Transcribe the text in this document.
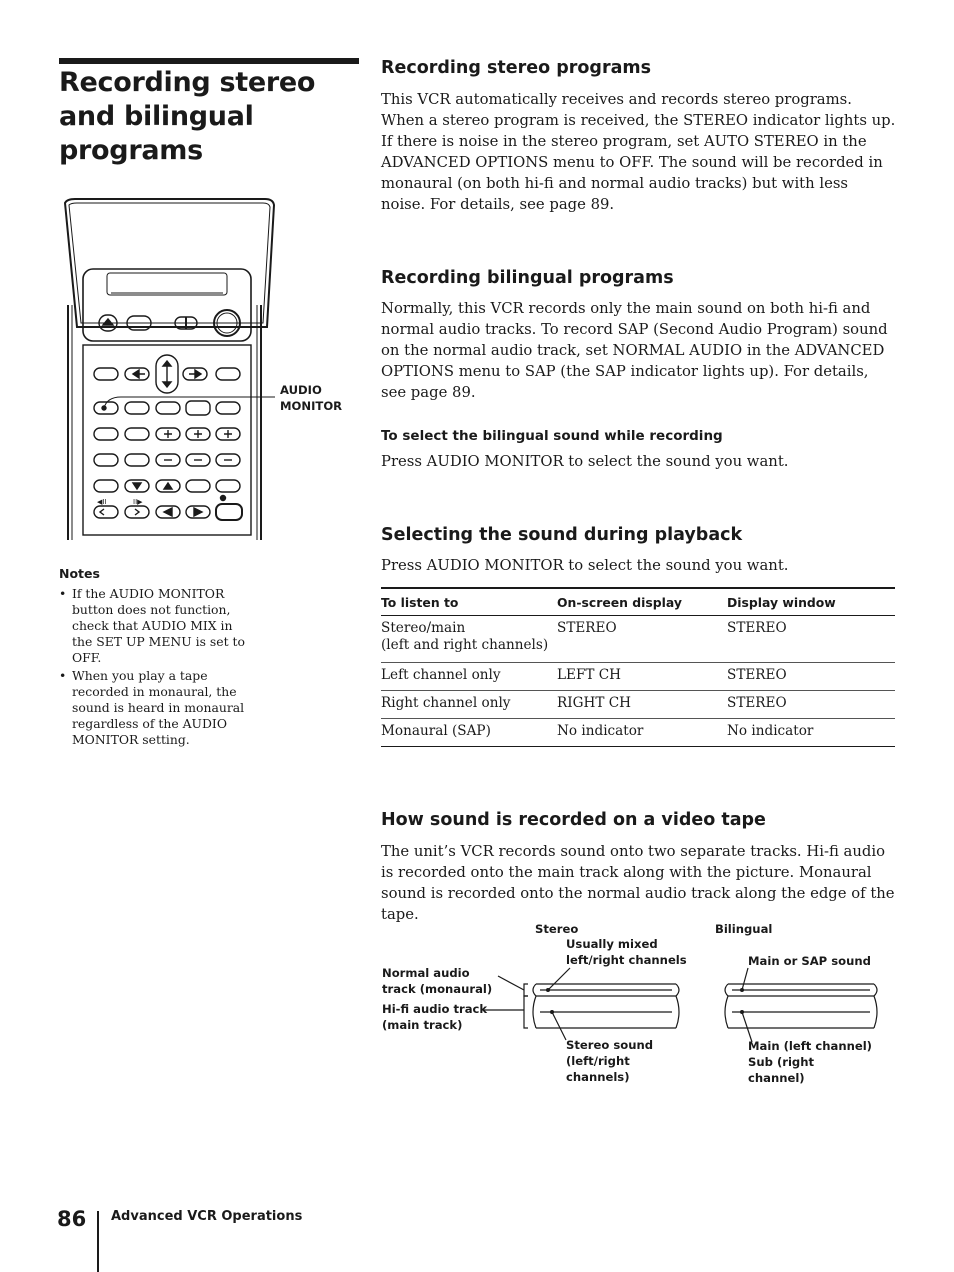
Recording stereo and bilingual programs
◀II	II▶
AUDIO MONITOR
Notes
• If the AUDIO MONITOR button does not function, check that AUDIO MIX in the SET UP MENU is set to OFF.
• When you play a tape recorded in monaural, the sound is heard in monaural regardless of the AUDIO MONITOR setting.
Recording stereo programs

This VCR automatically receives and records stereo programs. When a stereo program is received, the STEREO indicator lights up. If there is noise in the stereo program, set AUTO STEREO in the ADVANCED OPTIONS menu to OFF. The sound will be recorded in monaural (on both hi-fi and normal audio tracks) but with less noise. For details, see page 89.

Recording bilingual programs

Normally, this VCR records only the main sound on both hi-fi and normal audio tracks. To record SAP (Second Audio Program) sound on the normal audio track, set NORMAL AUDIO in the ADVANCED OPTIONS menu to SAP (the SAP indicator lights up). For details, see page 89.

To select the bilingual sound while recording

Press AUDIO MONITOR to select the sound you want.

Selecting the sound during playback

Press AUDIO MONITOR to select the sound you want.

To listen to	On-screen display	Display window
Stereo/main
(left and right channels)	STEREO	STEREO
Left channel only	LEFT CH	STEREO
Right channel only	RIGHT CH	STEREO
Monaural (SAP)	No indicator	No indicator
How sound is recorded on a video tape

The unit’s VCR records sound onto two separate tracks. Hi-fi audio is recorded onto the main track along with the picture. Monaural sound is recorded onto the normal audio track along the edge of the tape.

Stereo	Bilingual
Usually mixed left/right channels
Normal audio track (monaural)
Hi-fi audio track (main track)
Stereo sound (left/right channels)
Main or SAP sound
Main (left channel) Sub (right channel)
86 Advanced VCR Operations
